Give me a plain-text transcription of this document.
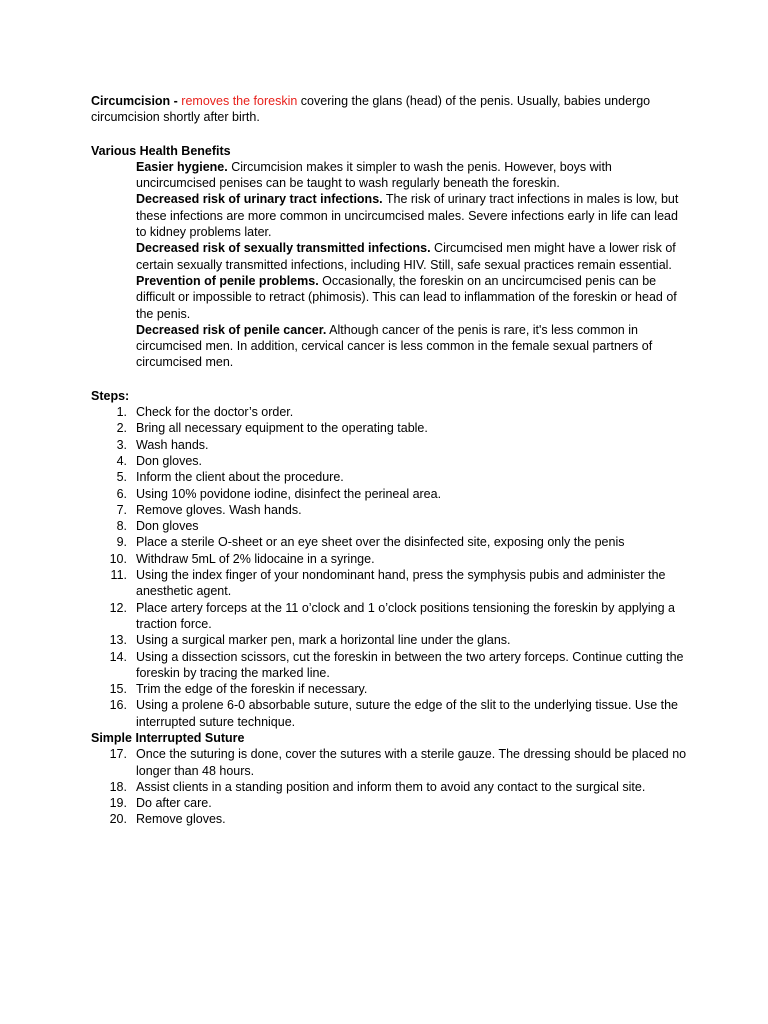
Circumcision - removes the foreskin covering the glans (head) of the penis. Usually, babies undergo circumcision shortly after birth.

Various Health Benefits

Easier hygiene. Circumcision makes it simpler to wash the penis. However, boys with uncircumcised penises can be taught to wash regularly beneath the foreskin.

Decreased risk of urinary tract infections. The risk of urinary tract infections in males is low, but these infections are more common in uncircumcised males. Severe infections early in life can lead to kidney problems later.

Decreased risk of sexually transmitted infections. Circumcised men might have a lower risk of certain sexually transmitted infections, including HIV. Still, safe sexual practices remain essential.

Prevention of penile problems. Occasionally, the foreskin on an uncircumcised penis can be difficult or impossible to retract (phimosis). This can lead to inflammation of the foreskin or head of the penis.

Decreased risk of penile cancer. Although cancer of the penis is rare, it's less common in circumcised men. In addition, cervical cancer is less common in the female sexual partners of circumcised men.

Steps:

1. Check for the doctor’s order.
2. Bring all necessary equipment to the operating table.
3. Wash hands.
4. Don gloves.
5. Inform the client about the procedure.
6. Using 10% povidone iodine, disinfect the perineal area.
7. Remove gloves. Wash hands.
8. Don gloves
9. Place a sterile O-sheet or an eye sheet over the disinfected site, exposing only the penis
10. Withdraw 5mL of 2% lidocaine in a syringe.
11. Using the index finger of your nondominant hand, press the symphysis pubis and administer the anesthetic agent.
12. Place artery forceps at the 11 o’clock and 1 o’clock positions tensioning the foreskin by applying a traction force.
13. Using a surgical marker pen, mark a horizontal line under the glans.
14. Using a dissection scissors, cut the foreskin in between the two artery forceps. Continue cutting the foreskin by tracing the marked line.
15. Trim the edge of the foreskin if necessary.
16. Using a prolene 6-0 absorbable suture, suture the edge of the slit to the underlying tissue. Use the interrupted suture technique.

Simple Interrupted Suture

17. Once the suturing is done, cover the sutures with a sterile gauze. The dressing should be placed no longer than 48 hours.
18. Assist clients in a standing position and inform them to avoid any contact to the surgical site.
19. Do after care.
20. Remove gloves.
